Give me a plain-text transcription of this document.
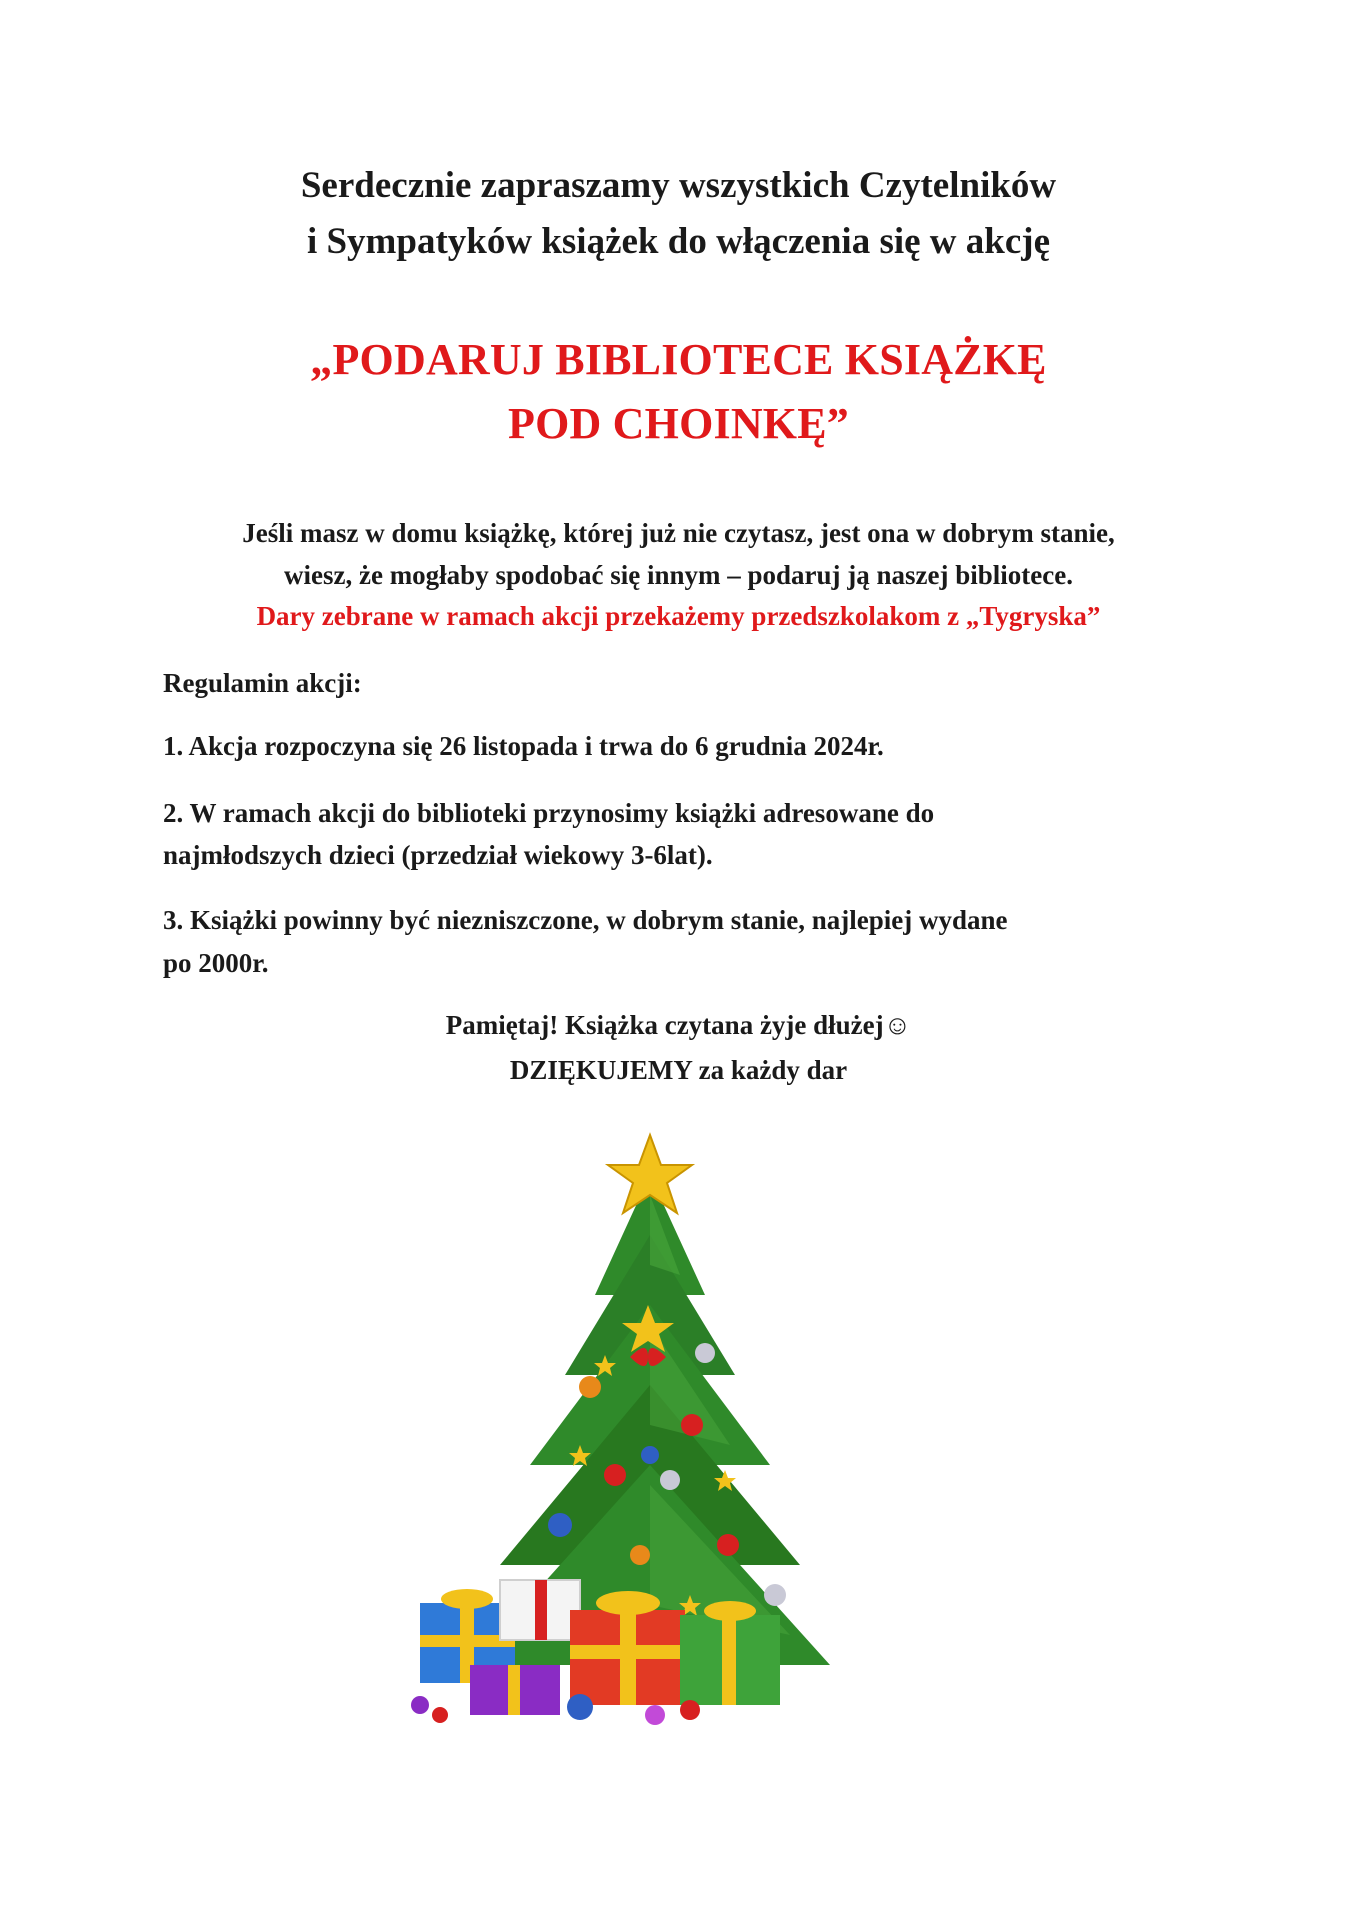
Serdecznie zapraszamy wszystkich Czytelników

i Sympatyków książek do włączenia się w akcję

„PODARUJ BIBLIOTECE KSIĄŻKĘ

POD CHOINKĘ”

Jeśli masz w domu książkę, której już nie czytasz, jest ona w dobrym stanie,

wiesz, że mogłaby spodobać się innym – podaruj ją naszej bibliotece.

Dary zebrane w ramach akcji przekażemy przedszkolakom z „Tygryska”

Regulamin akcji:

1. Akcja rozpoczyna się 26 listopada i trwa do 6 grudnia 2024r.

2. W ramach akcji do biblioteki przynosimy książki adresowane do

najmłodszych dzieci (przedział wiekowy 3-6lat).

3. Książki powinny być niezniszczone, w dobrym stanie, najlepiej wydane

po 2000r.

Pamiętaj! Książka czytana żyje dłużej☺

DZIĘKUJEMY za każdy dar
